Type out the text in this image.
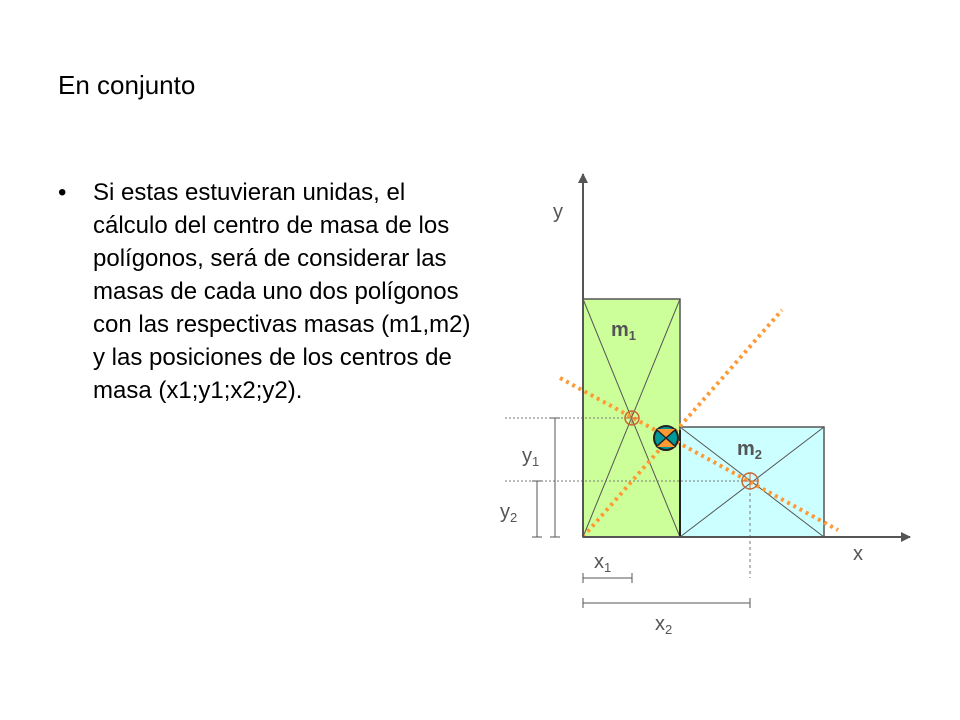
En conjunto
•	Si estas estuvieran unidas, el cálculo del centro de masa de los polígonos, será de considerar las masas de cada uno dos polígonos con las respectivas masas (m1,m2) y las posiciones de los centros de masa (x1;y1;x2;y2).
y
x
$m_1$
$m_2$
$y_1$
$y_2$
$x_1$
$x_2$
